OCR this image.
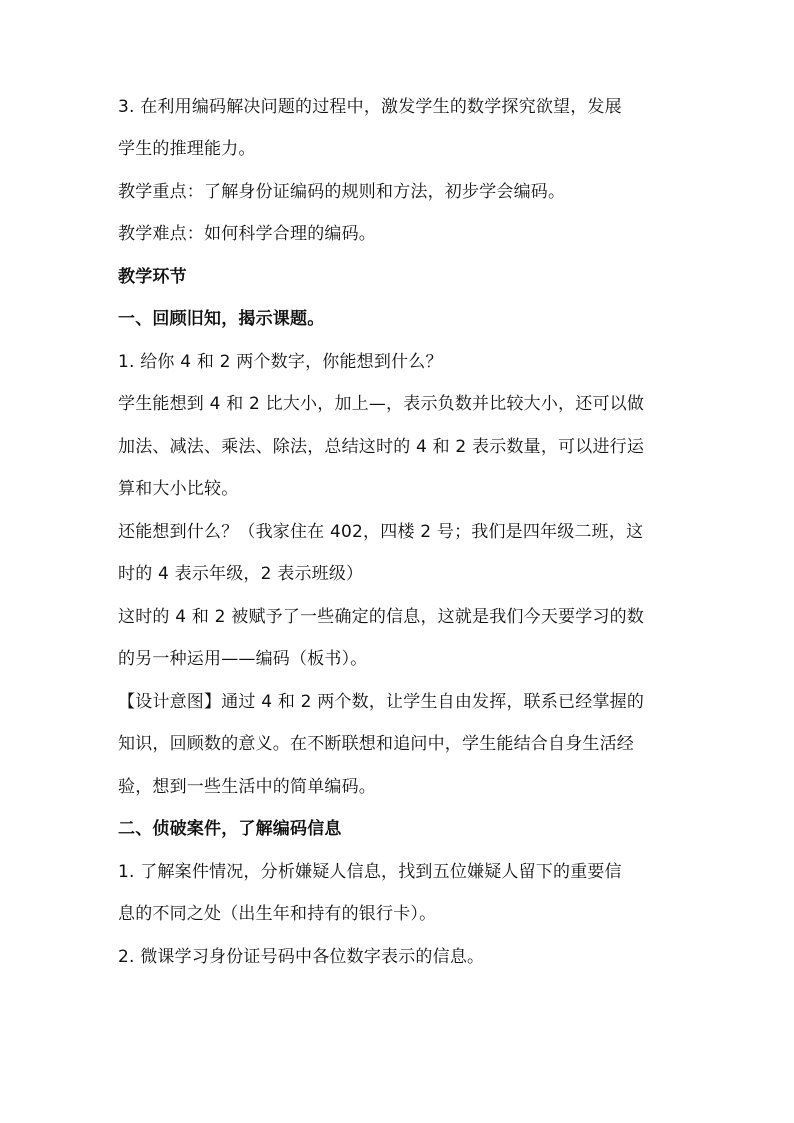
3. 在利用编码解决问题的过程中，激发学生的数学探究欲望，发展
学生的推理能力。
教学重点：了解身份证编码的规则和方法，初步学会编码。
教学难点：如何科学合理的编码。
教学环节
一、回顾旧知，揭示课题。
1. 给你 4 和 2 两个数字，你能想到什么？
学生能想到 4 和 2 比大小，加上—，表示负数并比较大小，还可以做
加法、减法、乘法、除法，总结这时的 4 和 2 表示数量，可以进行运
算和大小比较。
还能想到什么？（我家住在 402，四楼 2 号；我们是四年级二班，这
时的 4 表示年级，2 表示班级）
这时的 4 和 2 被赋予了一些确定的信息，这就是我们今天要学习的数
的另一种运用——编码（板书）。
【设计意图】通过 4 和 2 两个数，让学生自由发挥，联系已经掌握的
知识，回顾数的意义。在不断联想和追问中，学生能结合自身生活经
验，想到一些生活中的简单编码。
二、侦破案件，了解编码信息
1. 了解案件情况，分析嫌疑人信息，找到五位嫌疑人留下的重要信
息的不同之处（出生年和持有的银行卡）。
2. 微课学习身份证号码中各位数字表示的信息。
